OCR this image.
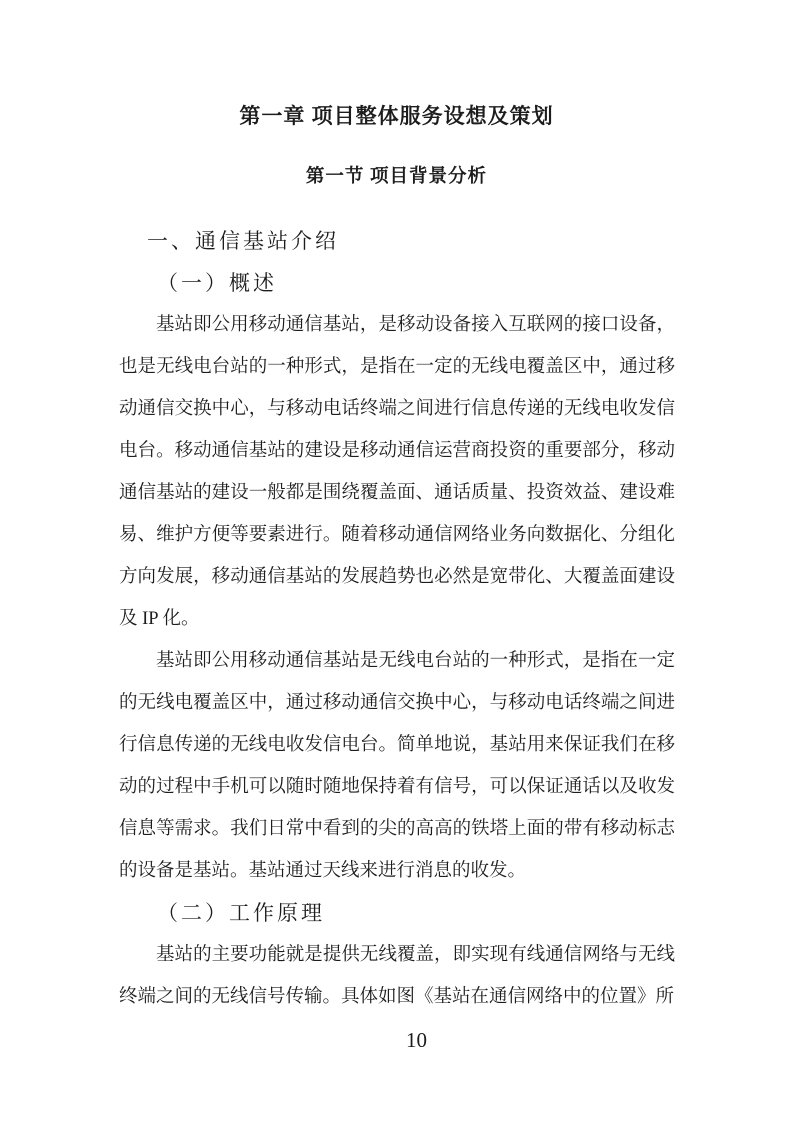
第一章 项目整体服务设想及策划
第一节 项目背景分析
一、通信基站介绍
（一）概述
基站即公用移动通信基站，是移动设备接入互联网的接口设备，也是无线电台站的一种形式，是指在一定的无线电覆盖区中，通过移动通信交换中心，与移动电话终端之间进行信息传递的无线电收发信电台。移动通信基站的建设是移动通信运营商投资的重要部分，移动通信基站的建设一般都是围绕覆盖面、通话质量、投资效益、建设难易、维护方便等要素进行。随着移动通信网络业务向数据化、分组化方向发展，移动通信基站的发展趋势也必然是宽带化、大覆盖面建设及 IP 化。
基站即公用移动通信基站是无线电台站的一种形式，是指在一定的无线电覆盖区中，通过移动通信交换中心，与移动电话终端之间进行信息传递的无线电收发信电台。简单地说，基站用来保证我们在移动的过程中手机可以随时随地保持着有信号，可以保证通话以及收发信息等需求。我们日常中看到的尖的高高的铁塔上面的带有移动标志的设备是基站。基站通过天线来进行消息的收发。
（二）工作原理
基站的主要功能就是提供无线覆盖，即实现有线通信网络与无线终端之间的无线信号传输。具体如图《基站在通信网络中的位置》所
10
